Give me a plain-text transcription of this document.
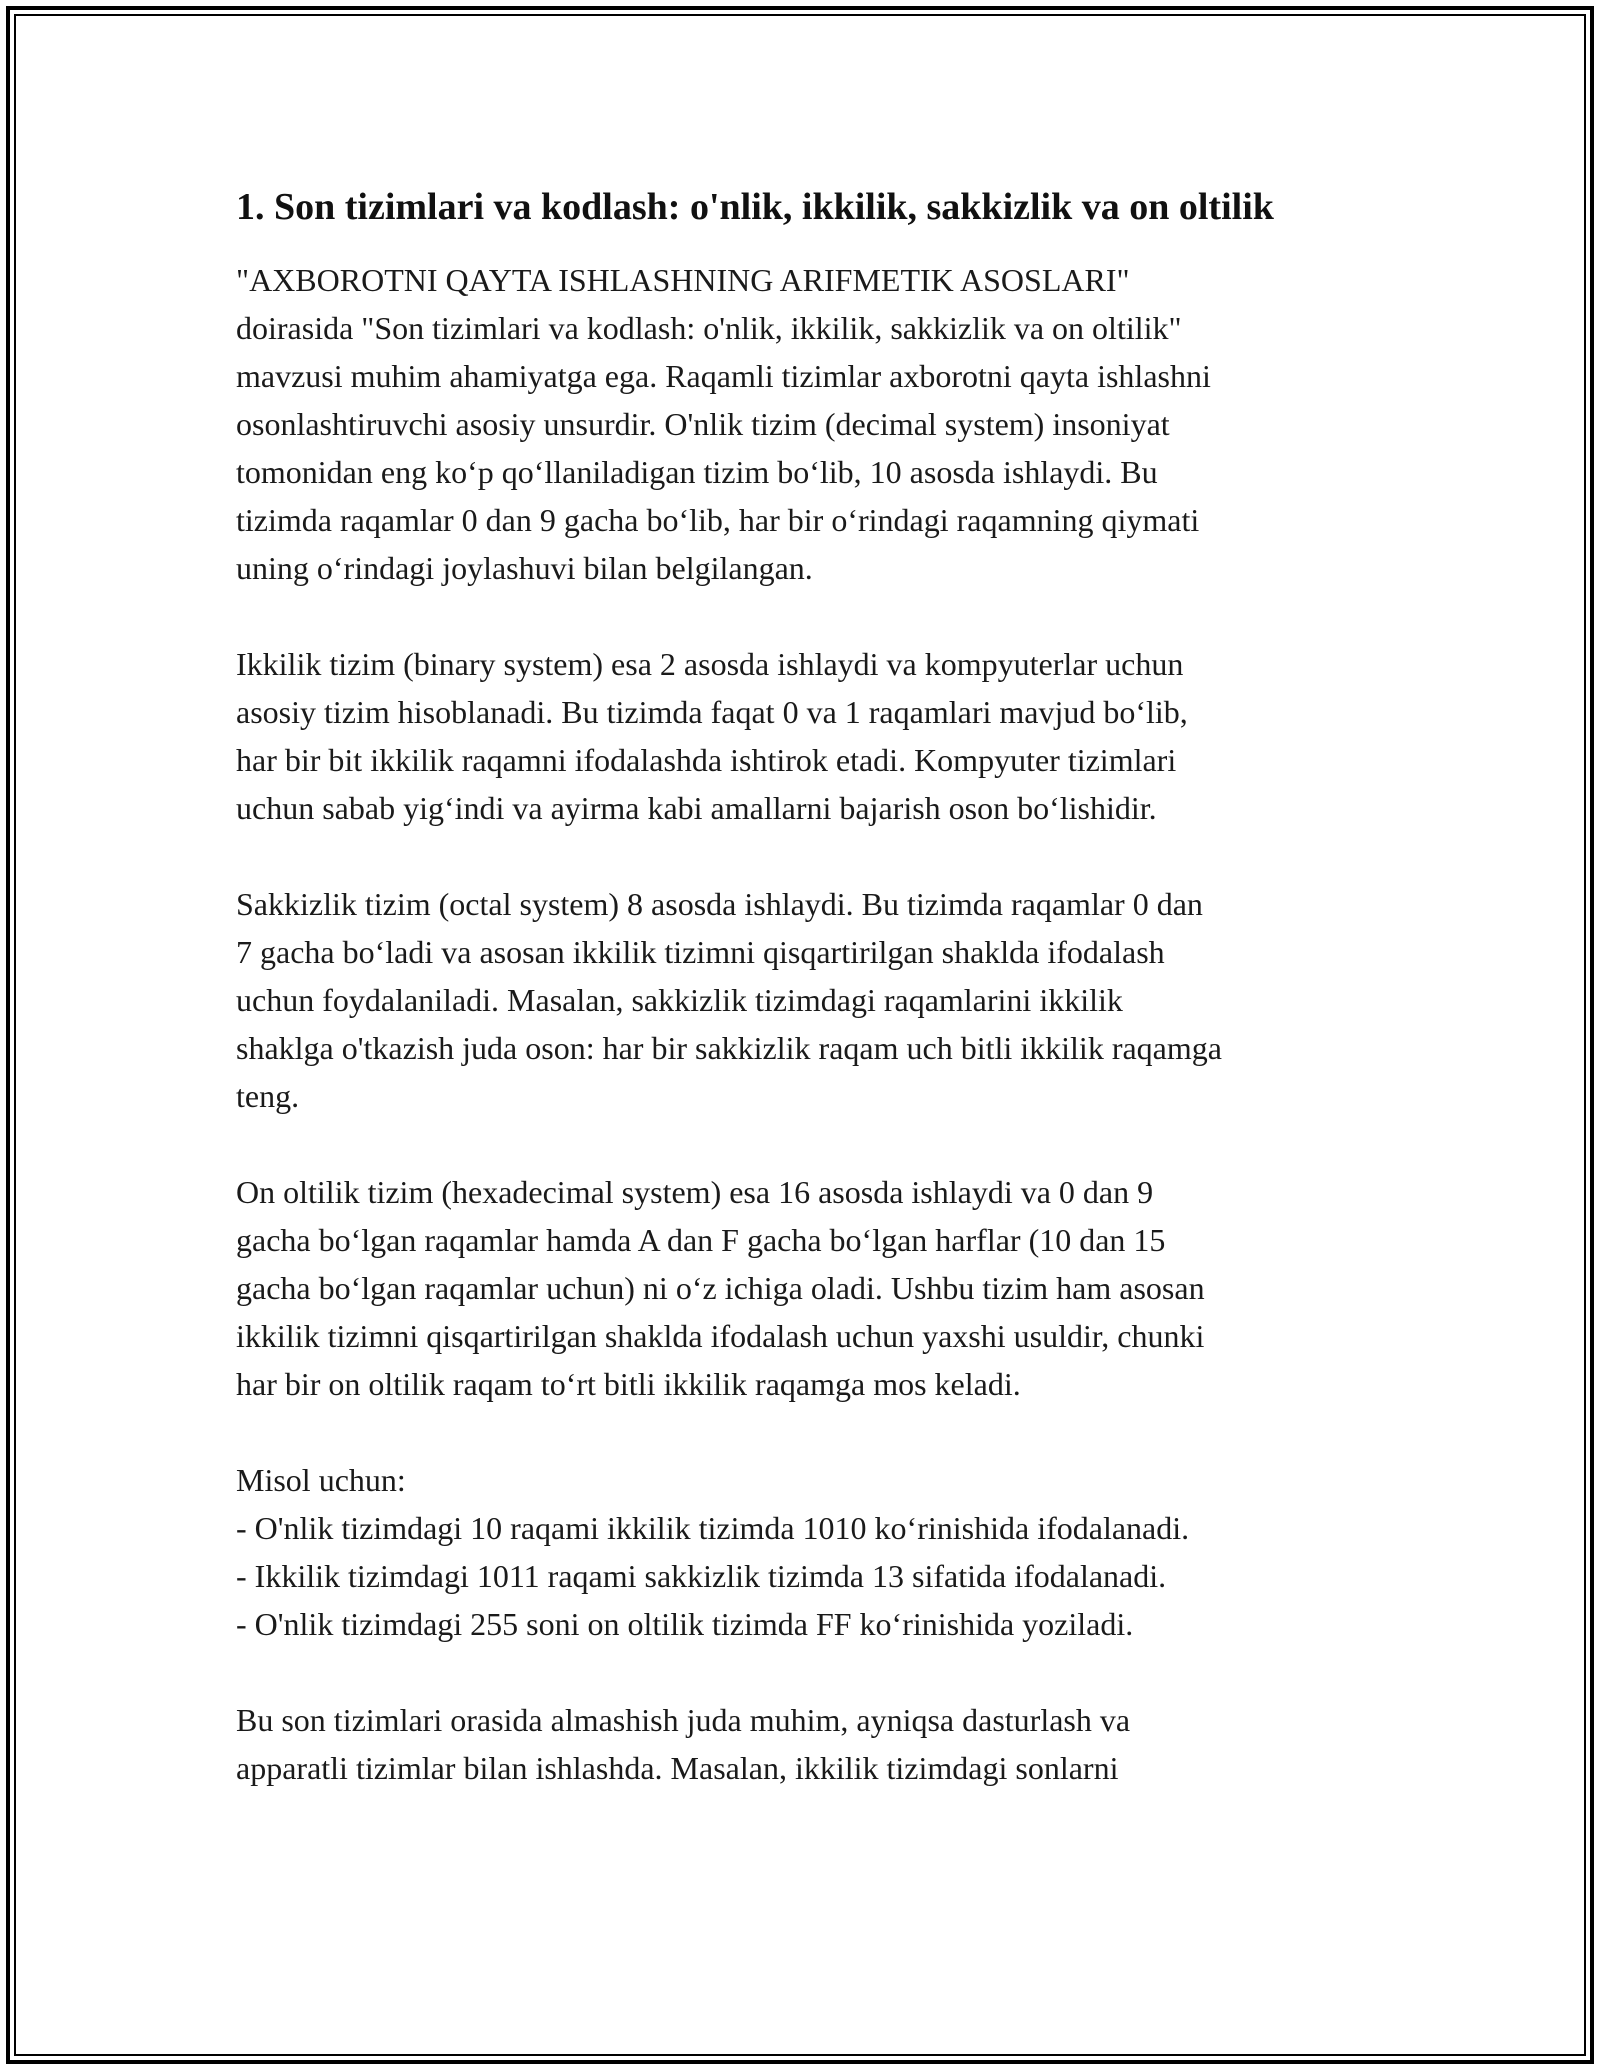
1. Son tizimlari va kodlash: o'nlik, ikkilik, sakkizlik va on oltilik

"AXBOROTNI QAYTA ISHLASHNING ARIFMETIK ASOSLARI"
doirasida "Son tizimlari va kodlash: o'nlik, ikkilik, sakkizlik va on oltilik"
mavzusi muhim ahamiyatga ega. Raqamli tizimlar axborotni qayta ishlashni
osonlashtiruvchi asosiy unsurdir. O'nlik tizim (decimal system) insoniyat
tomonidan eng koʻp qoʻllaniladigan tizim boʻlib, 10 asosda ishlaydi. Bu
tizimda raqamlar 0 dan 9 gacha boʻlib, har bir oʻrindagi raqamning qiymati
uning oʻrindagi joylashuvi bilan belgilangan.

Ikkilik tizim (binary system) esa 2 asosda ishlaydi va kompyuterlar uchun
asosiy tizim hisoblanadi. Bu tizimda faqat 0 va 1 raqamlari mavjud boʻlib,
har bir bit ikkilik raqamni ifodalashda ishtirok etadi. Kompyuter tizimlari
uchun sabab yigʻindi va ayirma kabi amallarni bajarish oson boʻlishidir.

Sakkizlik tizim (octal system) 8 asosda ishlaydi. Bu tizimda raqamlar 0 dan
7 gacha boʻladi va asosan ikkilik tizimni qisqartirilgan shaklda ifodalash
uchun foydalaniladi. Masalan, sakkizlik tizimdagi raqamlarini ikkilik
shaklga o'tkazish juda oson: har bir sakkizlik raqam uch bitli ikkilik raqamga
teng.

On oltilik tizim (hexadecimal system) esa 16 asosda ishlaydi va 0 dan 9
gacha boʻlgan raqamlar hamda A dan F gacha boʻlgan harflar (10 dan 15
gacha boʻlgan raqamlar uchun) ni oʻz ichiga oladi. Ushbu tizim ham asosan
ikkilik tizimni qisqartirilgan shaklda ifodalash uchun yaxshi usuldir, chunki
har bir on oltilik raqam toʻrt bitli ikkilik raqamga mos keladi.

Misol uchun:
- O'nlik tizimdagi 10 raqami ikkilik tizimda 1010 koʻrinishida ifodalanadi.
- Ikkilik tizimdagi 1011 raqami sakkizlik tizimda 13 sifatida ifodalanadi.
- O'nlik tizimdagi 255 soni on oltilik tizimda FF koʻrinishida yoziladi.

Bu son tizimlari orasida almashish juda muhim, ayniqsa dasturlash va
apparatli tizimlar bilan ishlashda. Masalan, ikkilik tizimdagi sonlarni
